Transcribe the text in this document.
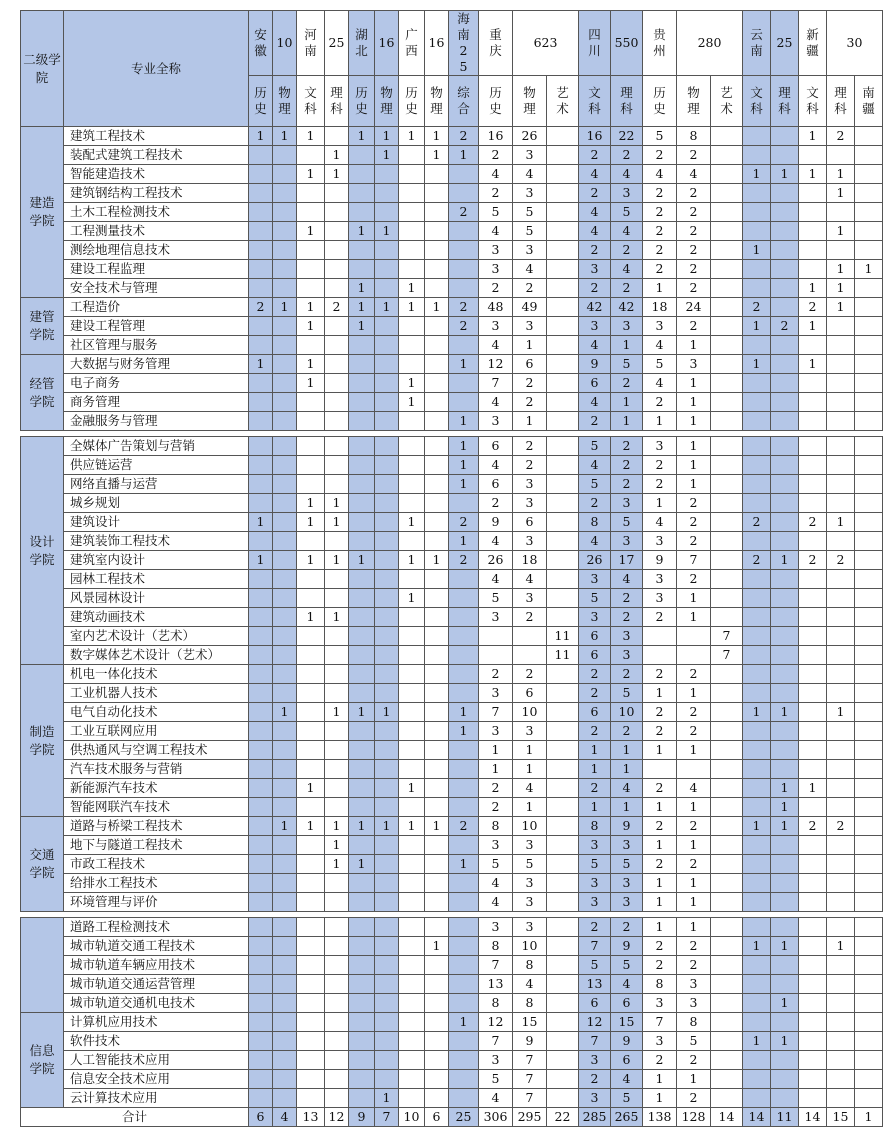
二级学院	专业全称	安徽	10	河南	25	湖北	16	广西	16	海南25	重庆	623		四川	550	贵州	280		云南	25	新疆	30	
		历史	物理	文科	理科	历史	物理	历史	物理	综合	历史	物理	艺术	文科	理科	历史	物理	艺术	文科	理科	文科	理科	南疆
建造学院	建筑工程技术	1	1	1		1	1	1	1	2	16	26		16	22	5	8				1	2	
	装配式建筑工程技术				1		1		1	1	2	3		2	2	2	2						
	智能建造技术			1	1						4	4		4	4	4	4		1	1	1	1	
	建筑钢结构工程技术										2	3		2	3	2	2					1	
	土木工程检测技术									2	5	5		4	5	2	2						
	工程测量技术			1		1	1				4	5		4	4	2	2					1	
	测绘地理信息技术										3	3		2	2	2	2		1				
	建设工程监理										3	4		3	4	2	2					1	1
	安全技术与管理					1		1			2	2		2	2	1	2				1	1	
建管学院	工程造价	2	1	1	2	1	1	1	1	2	48	49		42	42	18	24		2		2	1	
	建设工程管理			1		1				2	3	3		3	3	3	2		1	2	1		
	社区管理与服务										4	1		4	1	4	1						
经管学院	大数据与财务管理	1		1						1	12	6		9	5	5	3		1		1		
	电子商务			1				1			7	2		6	2	4	1						
	商务管理							1			4	2		4	1	2	1						
	金融服务与管理									1	3	1		2	1	1	1						

设计学院	全媒体广告策划与营销									1	6	2		5	2	3	1						
	供应链运营									1	4	2		4	2	2	1						
	网络直播与运营									1	6	3		5	2	2	1						
	城乡规划			1	1						2	3		2	3	1	2						
	建筑设计	1		1	1			1		2	9	6		8	5	4	2		2		2	1	
	建筑装饰工程技术									1	4	3		4	3	3	2						
	建筑室内设计	1		1	1	1		1	1	2	26	18		26	17	9	7		2	1	2	2	
	园林工程技术										4	4		3	4	3	2						
	风景园林设计							1			5	3		5	2	3	1						
	建筑动画技术			1	1						3	2		3	2	2	1						
	室内艺术设计（艺术）												11	6	3			7					
	数字媒体艺术设计（艺术）												11	6	3			7					
制造学院	机电一体化技术										2	2		2	2	2	2						
	工业机器人技术										3	6		2	5	1	1						
	电气自动化技术		1		1	1	1			1	7	10		6	10	2	2		1	1		1	
	工业互联网应用									1	3	3		2	2	2	2						
	供热通风与空调工程技术										1	1		1	1	1	1						
	汽车技术服务与营销										1	1		1	1								
	新能源汽车技术			1				1			2	4		2	4	2	4			1	1		
	智能网联汽车技术										2	1		1	1	1	1			1			
交通学院	道路与桥梁工程技术		1	1	1	1	1	1	1	2	8	10		8	9	2	2		1	1	2	2	
	地下与隧道工程技术				1						3	3		3	3	1	1						
	市政工程技术				1	1				1	5	5		5	5	2	2						
	给排水工程技术										4	3		3	3	1	1						
	环境管理与评价										4	3		3	3	1	1						

	道路工程检测技术										3	3		2	2	1	1						
	城市轨道交通工程技术								1		8	10		7	9	2	2		1	1		1	
	城市轨道车辆应用技术										7	8		5	5	2	2						
	城市轨道交通运营管理										13	4		13	4	8	3						
	城市轨道交通机电技术										8	8		6	6	3	3			1			
信息学院	计算机应用技术									1	12	15		12	15	7	8						
	软件技术										7	9		7	9	3	5		1	1			
	人工智能技术应用										3	7		3	6	2	2						
	信息安全技术应用										5	7		2	4	1	1						
	云计算技术应用						1				4	7		3	5	1	2						
合计		6	4	13	12	9	7	10	6	25	306	295	22	285	265	138	128	14	14	11	14	15	1
